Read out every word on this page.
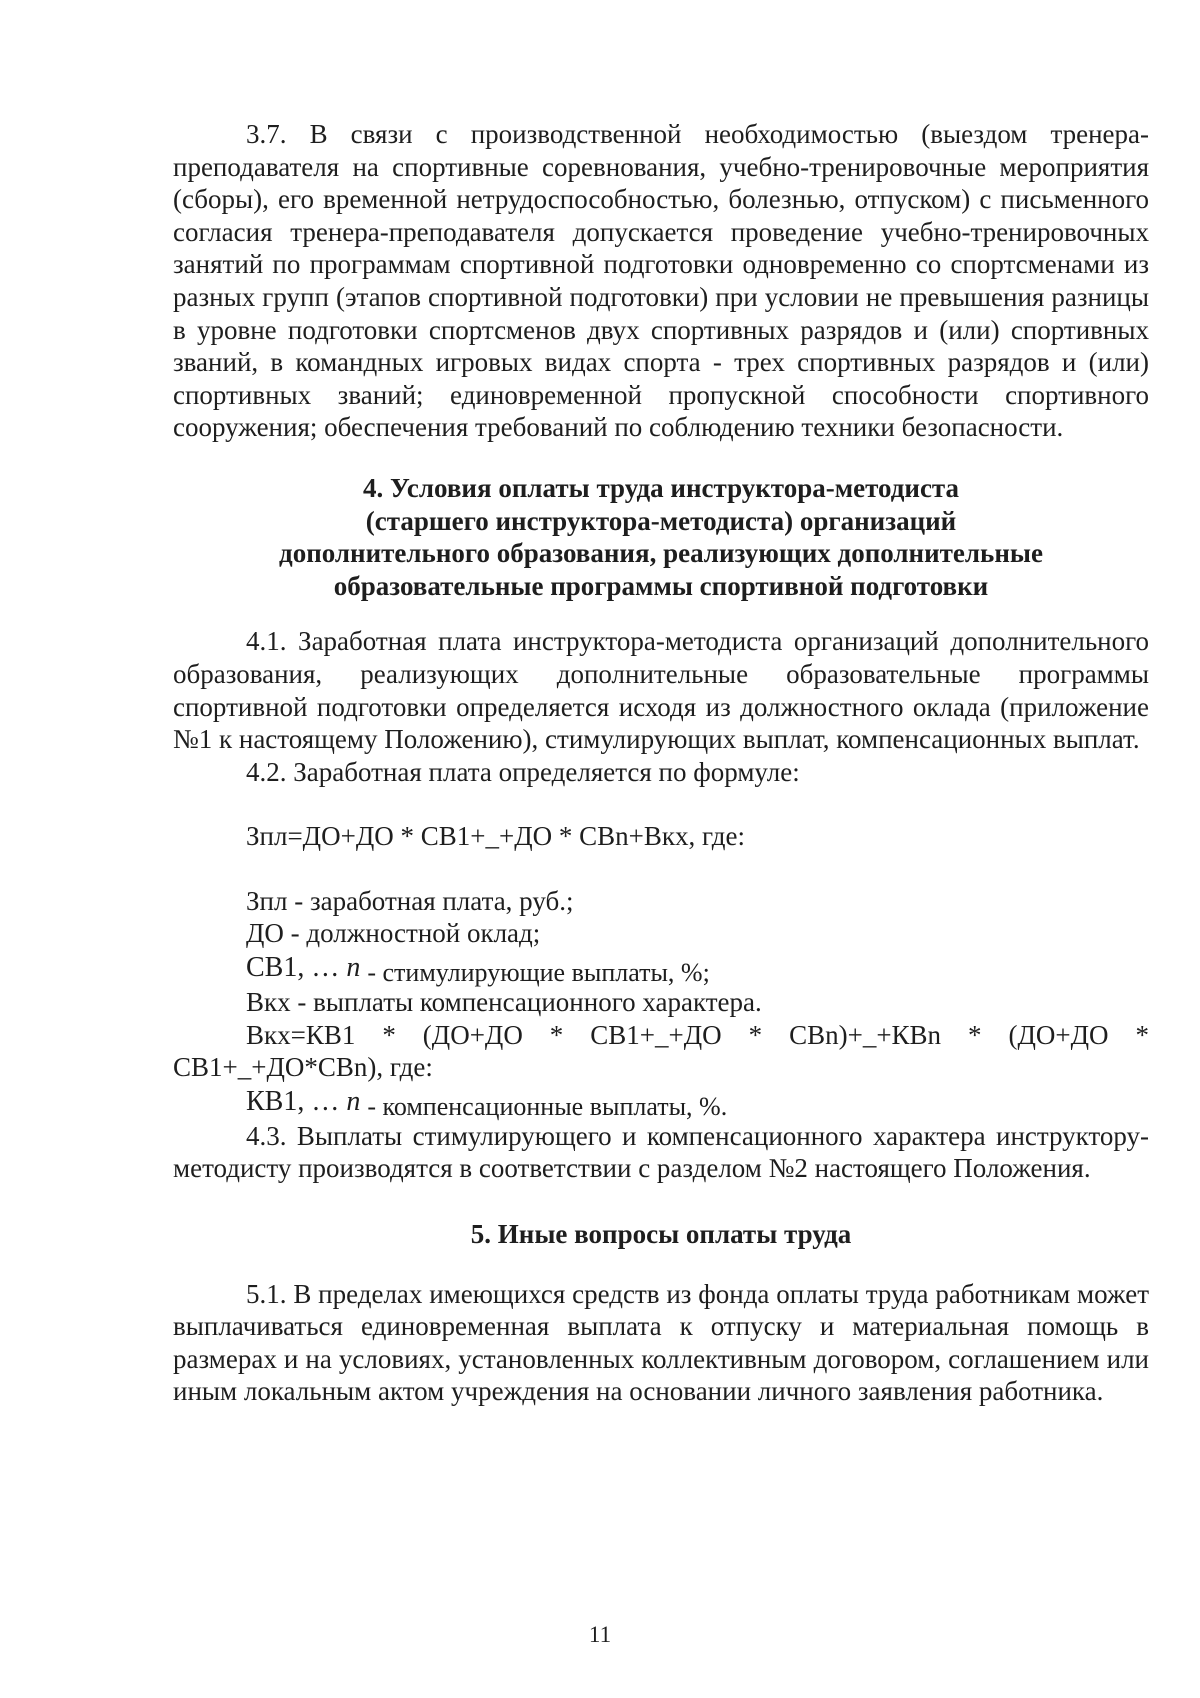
3.7. В связи с производственной необходимостью (выездом тренера-преподавателя на спортивные соревнования, учебно-тренировочные мероприятия (сборы), его временной нетрудоспособностью, болезнью, отпуском) с письменного согласия тренера-преподавателя допускается проведение учебно-тренировочных занятий по программам спортивной подготовки одновременно со спортсменами из разных групп (этапов спортивной подготовки) при условии не превышения разницы в уровне подготовки спортсменов двух спортивных разрядов и (или) спортивных званий, в командных игровых видах спорта - трех спортивных разрядов и (или) спортивных званий; единовременной пропускной способности спортивного сооружения; обеспечения требований по соблюдению техники безопасности.

4. Условия оплаты труда инструктора-методиста
(старшего инструктора-методиста) организаций
дополнительного образования, реализующих дополнительные
образовательные программы спортивной подготовки

4.1. Заработная плата инструктора-методиста организаций дополнительного образования, реализующих дополнительные образовательные программы спортивной подготовки определяется исходя из должностного оклада (приложение №1 к настоящему Положению), стимулирующих выплат, компенсационных выплат.

4.2. Заработная плата определяется по формуле:

Зпл=ДО+ДО * СВ1+_+ДО * СВn+Вкх, где:

Зпл - заработная плата, руб.;

ДО - должностной оклад;

СВ1, … n - стимулирующие выплаты, %;

Вкх - выплаты компенсационного характера.

Вкх=КВ1 * (ДО+ДО * СВ1+_+ДО * СВn)+_+КВn * (ДО+ДО * СВ1+_+ДО*СВn), где:

КВ1, … n - компенсационные выплаты, %.

4.3. Выплаты стимулирующего и компенсационного характера инструктору-методисту производятся в соответствии с разделом №2 настоящего Положения.

5. Иные вопросы оплаты труда

5.1. В пределах имеющихся средств из фонда оплаты труда работникам может выплачиваться единовременная выплата к отпуску и материальная помощь в размерах и на условиях, установленных коллективным договором, соглашением или иным локальным актом учреждения на основании личного заявления работника.

11
